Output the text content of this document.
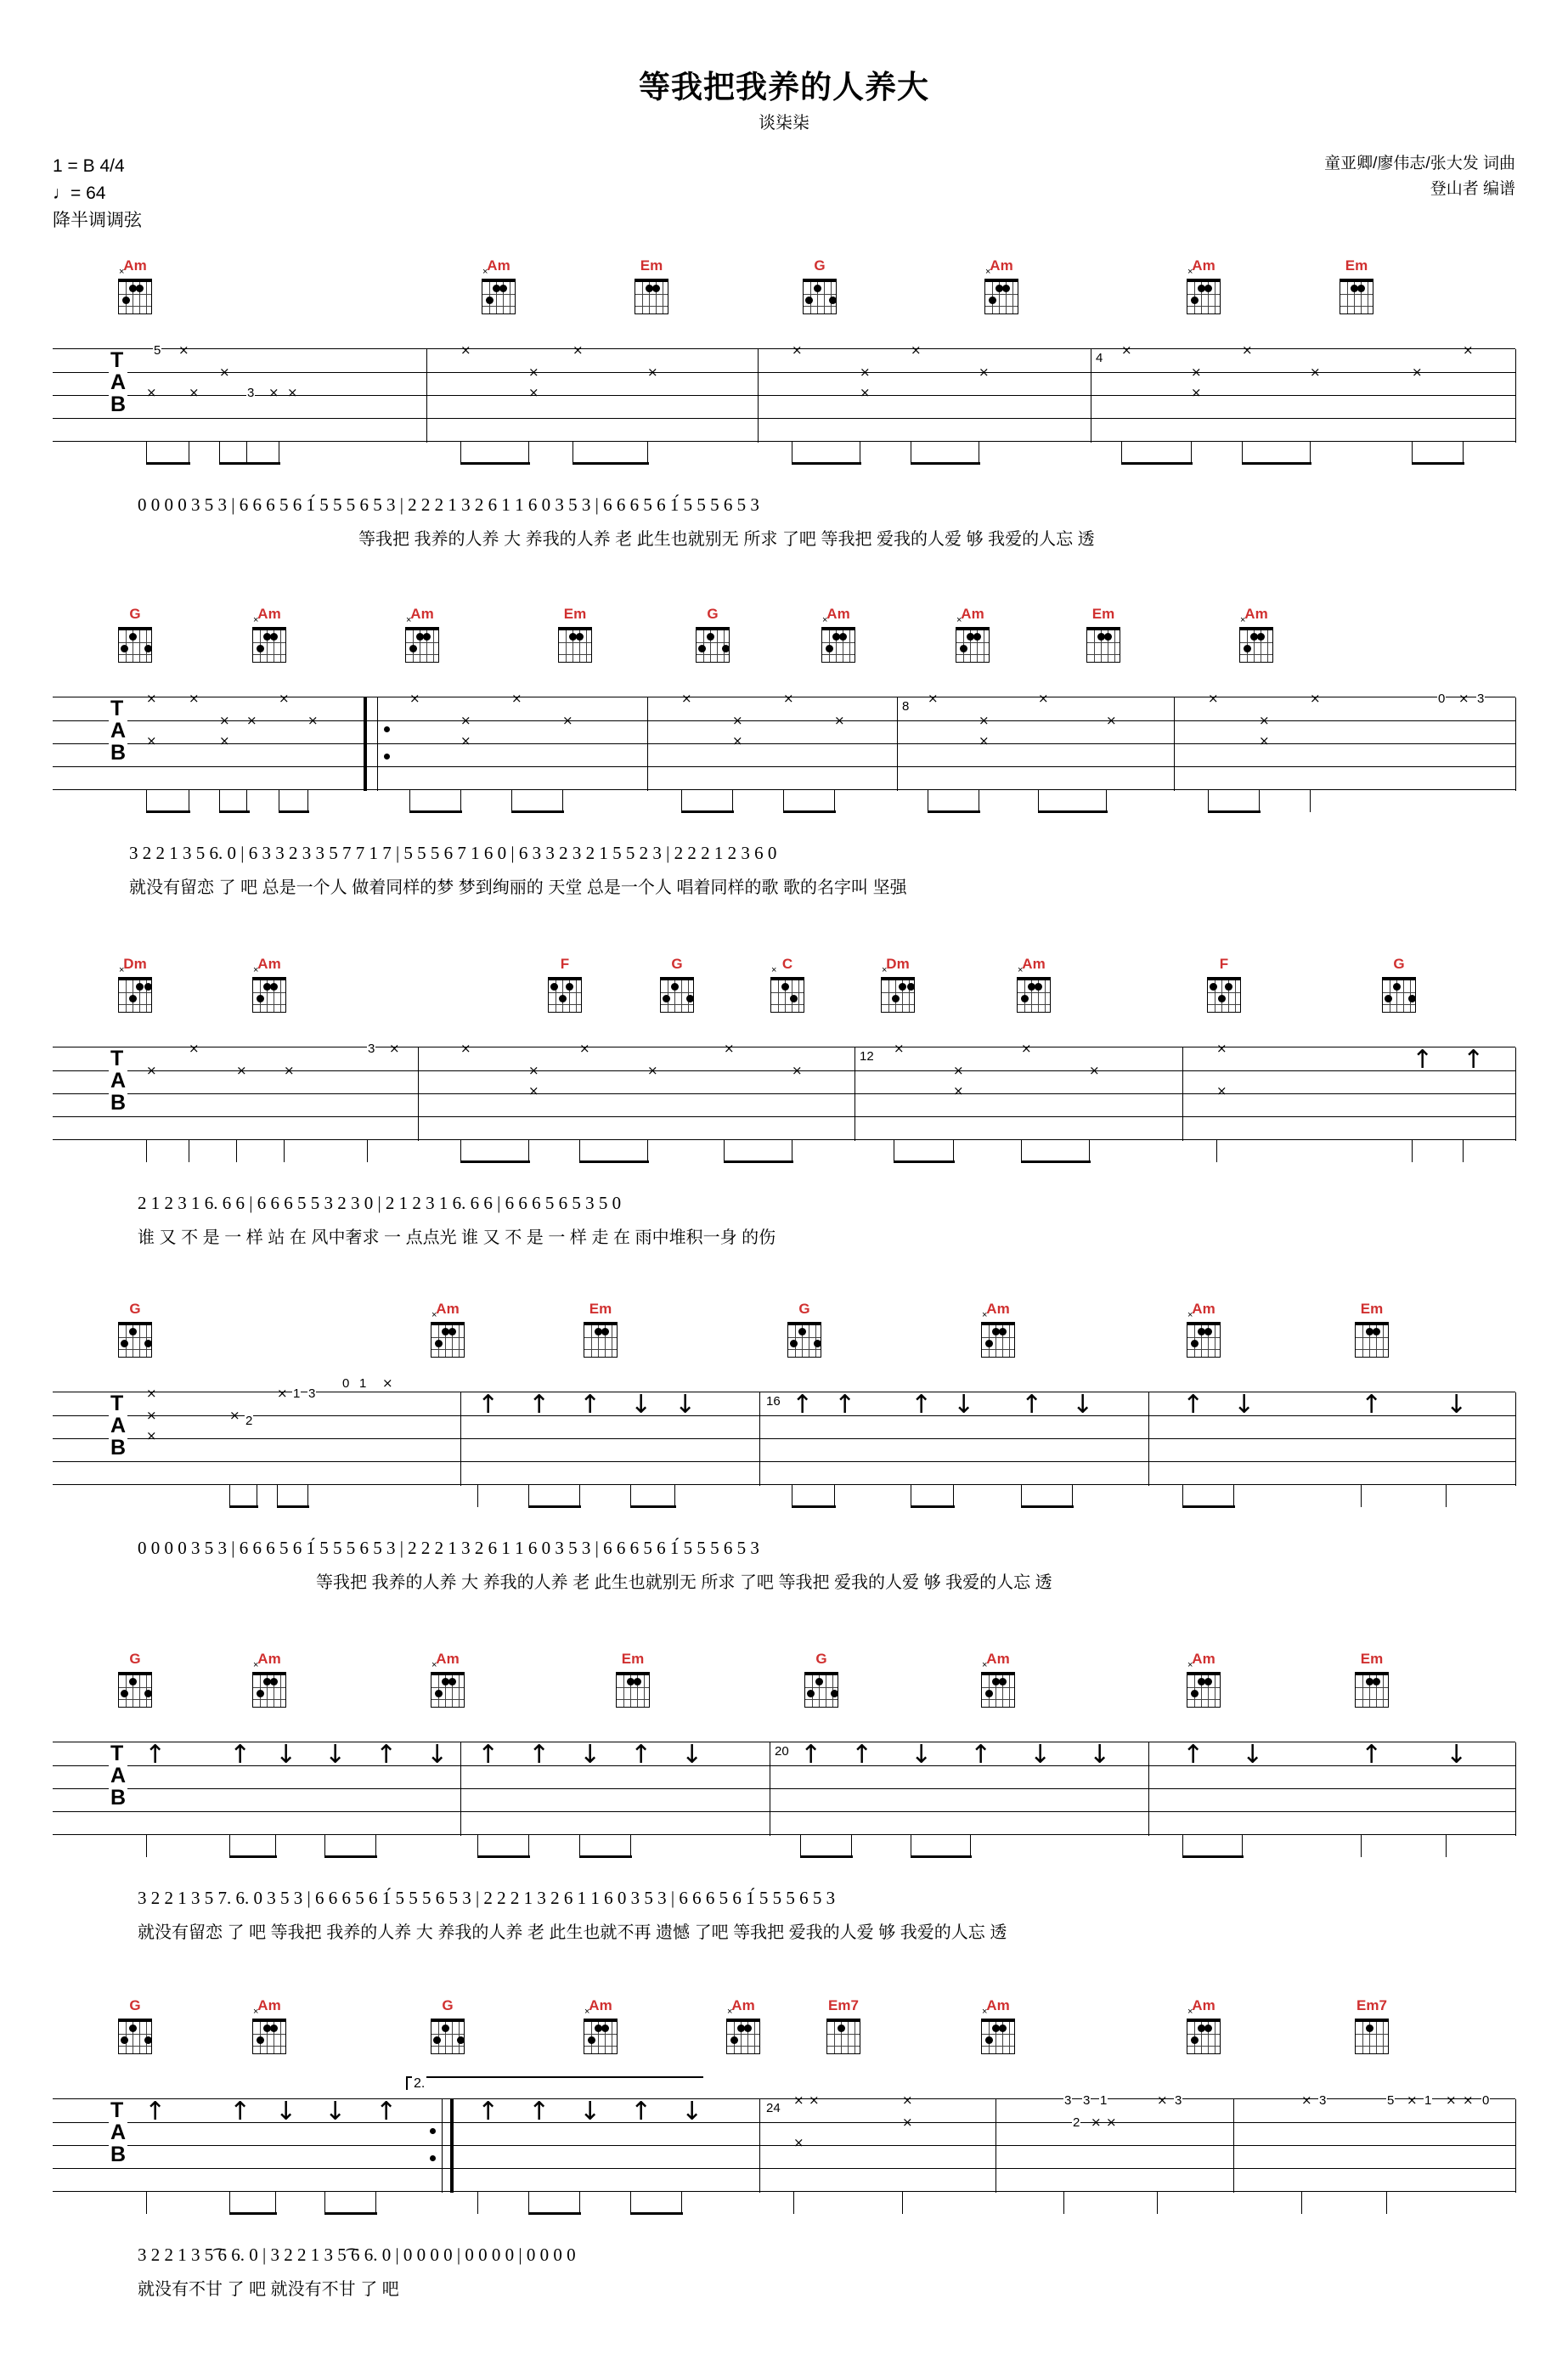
等我把我养的人养大
谈柒柒
1 = B 4/4
♩= 64
降半调调弦
童亚卿/廖伟志/张大发 词曲
登山者 编谱
Am
×	Am
×	Em	G	Am
×	Am
×	Em
T
A
B
4
5 ×
×
3 × ×
× ×
×
×
×
×
×
×
×
×
×
×
×
×
×
×
×
×
×
0 0 0 0 3 5 3 | 6 6 6 5 6 1́ 5 5 5 6 5 3 | 2 2 2 1 3 2 6 1 1 6 0 3 5 3 | 6 6 6 5 6 1́ 5 5 5 6 5 3
等我把 我养的人养 大 养我的人养 老 此生也就别无 所求 了吧 等我把 爱我的人爱 够 我爱的人忘 透
G	Am
×	Am
×	Em	G	Am
×	Am
×	Em	Am
×
T
A
B
8
× ×
× ×
×
×
×	×
×
×
×
×
×
×
×
×
×
×
×
×
×
×
×
×
×
×	0 × 3
×
3 2 2 1 3 5 6. 0 | 6 3 3 2 3 3 5 7 7 1 7 | 5 5 5 6 7 1 6 0 | 6 3 3 2 3 2 1 5 5 2 3 | 2 2 2 1 2 3 6 0
就没有留恋 了 吧 总是一个人 做着同样的梦 梦到绚丽的 天堂 总是一个人 唱着同样的歌 歌的名字叫 坚强
Dm
×	Am
×	F	G	C
×	Dm
×	Am
×	F	G
T
A
B
12
×
×
×	×
3 ×	×
×
×
×
×
×
×
×
×
×
×
×
×
×
↑ ↑
2 1 2 3 1 6. 6 6 | 6 6 6 5 5 3 2 3 0 | 2 1 2 3 1 6. 6 6 | 6 6 6 5 6 5 3 5 0
谁 又 不 是 一 样 站 在 风中奢求 一 点点光 谁 又 不 是 一 样 走 在 雨中堆积一身 的伤
G	Am
×	Em	G	Am
×	Am
×	Em
T
A
B
16
×
×
×
× 2
× 1 3
0 1 ×
↑ ↑ ↑ ↓ ↓	↑ ↑ ↑ ↓ ↑ ↓	↑ ↓	↑ ↓
0 0 0 0 3 5 3 | 6 6 6 5 6 1́ 5 5 5 6 5 3 | 2 2 2 1 3 2 6 1 1 6 0 3 5 3 | 6 6 6 5 6 1́ 5 5 5 6 5 3
等我把 我养的人养 大 养我的人养 老 此生也就别无 所求 了吧 等我把 爱我的人爱 够 我爱的人忘 透
G	Am
×	Am
×	Em	G	Am
×	Am
×	Em
T
A
B
20
↑ ↑ ↓ ↓ ↑ ↓ ↑ ↑ ↓ ↑ ↓	↑ ↑ ↓ ↑ ↓ ↓	↑ ↓	↑ ↓
3 2 2 1 3 5 7. 6. 0 3 5 3 | 6 6 6 5 6 1́ 5 5 5 6 5 3 | 2 2 2 1 3 2 6 1 1 6 0 3 5 3 | 6 6 6 5 6 1́ 5 5 5 6 5 3
就没有留恋 了 吧 等我把 我养的人养 大 养我的人养 老 此生也就不再 遗憾 了吧 等我把 爱我的人爱 够 我爱的人忘 透
G	Am
×	G	Am
×	Am
×	Em7	Am
×	Am
×	Em7
2.
T
A
B
24
↑ ↑ ↓ ↓ ↑	↑ ↑ ↓ ↑ ↓	× ×
×
×
×
3 3 1
2 × ×
× 3	× 3	5 × 1 × × 0
3 2 2 1 3 5͡ 6 6. 0 | 3 2 2 1 3 5͡ 6 6. 0 | 0 0 0 0 | 0 0 0 0 | 0 0 0 0
就没有不甘 了 吧 就没有不甘 了 吧
